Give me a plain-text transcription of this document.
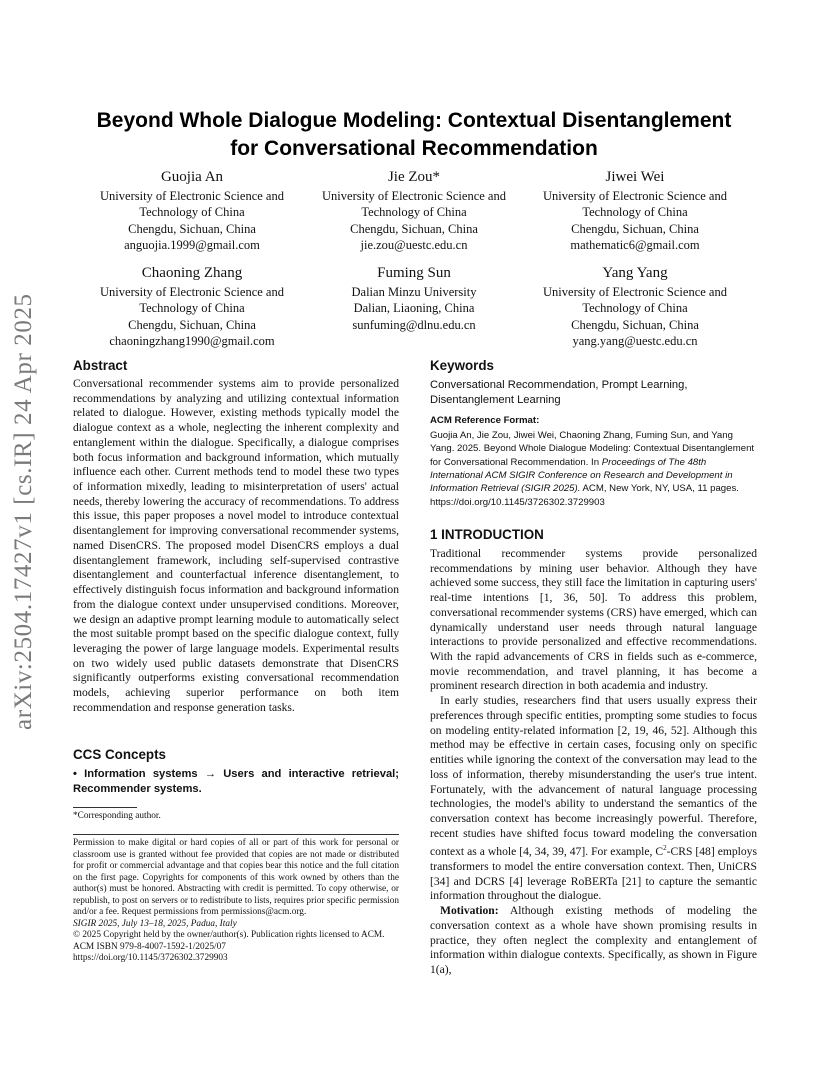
arXiv:2504.17427v1 [cs.IR] 24 Apr 2025
Beyond Whole Dialogue Modeling: Contextual Disentanglement
for Conversational Recommendation
Guojia An
University of Electronic Science and
Technology of China
Chengdu, Sichuan, China
anguojia.1999@gmail.com
Jie Zou*
University of Electronic Science and
Technology of China
Chengdu, Sichuan, China
jie.zou@uestc.edu.cn
Jiwei Wei
University of Electronic Science and
Technology of China
Chengdu, Sichuan, China
mathematic6@gmail.com
Chaoning Zhang
University of Electronic Science and
Technology of China
Chengdu, Sichuan, China
chaoningzhang1990@gmail.com
Fuming Sun
Dalian Minzu University
Dalian, Liaoning, China
sunfuming@dlnu.edu.cn
Yang Yang
University of Electronic Science and
Technology of China
Chengdu, Sichuan, China
yang.yang@uestc.edu.cn
Abstract

Conversational recommender systems aim to provide personalized recommendations by analyzing and utilizing contextual information related to dialogue. However, existing methods typically model the dialogue context as a whole, neglecting the inherent complexity and entanglement within the dialogue. Specifically, a dialogue comprises both focus information and background information, which mutually influence each other. Current methods tend to model these two types of information mixedly, leading to misinterpretation of users' actual needs, thereby lowering the accuracy of recommendations. To address this issue, this paper proposes a novel model to introduce contextual disentanglement for improving conversational recommender systems, named DisenCRS. The proposed model DisenCRS employs a dual disentanglement framework, including self-supervised contrastive disentanglement and counterfactual inference disentanglement, to effectively distinguish focus information and background information from the dialogue context under unsupervised conditions. Moreover, we design an adaptive prompt learning module to automatically select the most suitable prompt based on the specific dialogue context, fully leveraging the power of large language models. Experimental results on two widely used public datasets demonstrate that DisenCRS significantly outperforms existing conversational recommendation models, achieving superior performance on both item recommendation and response generation tasks.

CCS Concepts

• Information systems → Users and interactive retrieval; Recommender systems.

*Corresponding author.

Permission to make digital or hard copies of all or part of this work for personal or classroom use is granted without fee provided that copies are not made or distributed for profit or commercial advantage and that copies bear this notice and the full citation on the first page. Copyrights for components of this work owned by others than the author(s) must be honored. Abstracting with credit is permitted. To copy otherwise, or republish, to post on servers or to redistribute to lists, requires prior specific permission and/or a fee. Request permissions from permissions@acm.org.

SIGIR 2025, July 13–18, 2025, Padua, Italy

© 2025 Copyright held by the owner/author(s). Publication rights licensed to ACM.

ACM ISBN 979-8-4007-1592-1/2025/07

https://doi.org/10.1145/3726302.3729903

Keywords

Conversational Recommendation, Prompt Learning, Disentanglement Learning

ACM Reference Format:

Guojia An, Jie Zou, Jiwei Wei, Chaoning Zhang, Fuming Sun, and Yang Yang. 2025. Beyond Whole Dialogue Modeling: Contextual Disentanglement for Conversational Recommendation. In Proceedings of The 48th International ACM SIGIR Conference on Research and Development in Information Retrieval (SIGIR 2025). ACM, New York, NY, USA, 11 pages. https://doi.org/10.1145/3726302.3729903

1 INTRODUCTION

Traditional recommender systems provide personalized recommendations by mining user behavior. Although they have achieved some success, they still face the limitation in capturing users' real-time intentions [1, 36, 50]. To address this problem, conversational recommender systems (CRS) have emerged, which can dynamically understand user needs through natural language interactions to provide personalized and effective recommendations. With the rapid advancements of CRS in fields such as e-commerce, movie recommendation, and travel planning, it has become a prominent research direction in both academia and industry.

In early studies, researchers find that users usually express their preferences through specific entities, prompting some studies to focus on modeling entity-related information [2, 19, 46, 52]. Although this method may be effective in certain cases, focusing only on specific entities while ignoring the context of the conversation may lead to the loss of information, thereby misunderstanding the user's true intent. Fortunately, with the advancement of natural language processing technologies, the model's ability to understand the semantics of the conversation context has become increasingly powerful. Therefore, recent studies have shifted focus toward modeling the conversation context as a whole [4, 34, 39, 47]. For example, $C^2$-CRS [48] employs transformers to model the entire conversation context. Then, UniCRS [34] and DCRS [4] leverage RoBERTa [21] to capture the semantic information throughout the dialogue.

Motivation: Although existing methods of modeling the conversation context as a whole have shown promising results in practice, they often neglect the complexity and entanglement of information within dialogue contexts. Specifically, as shown in Figure 1(a),
